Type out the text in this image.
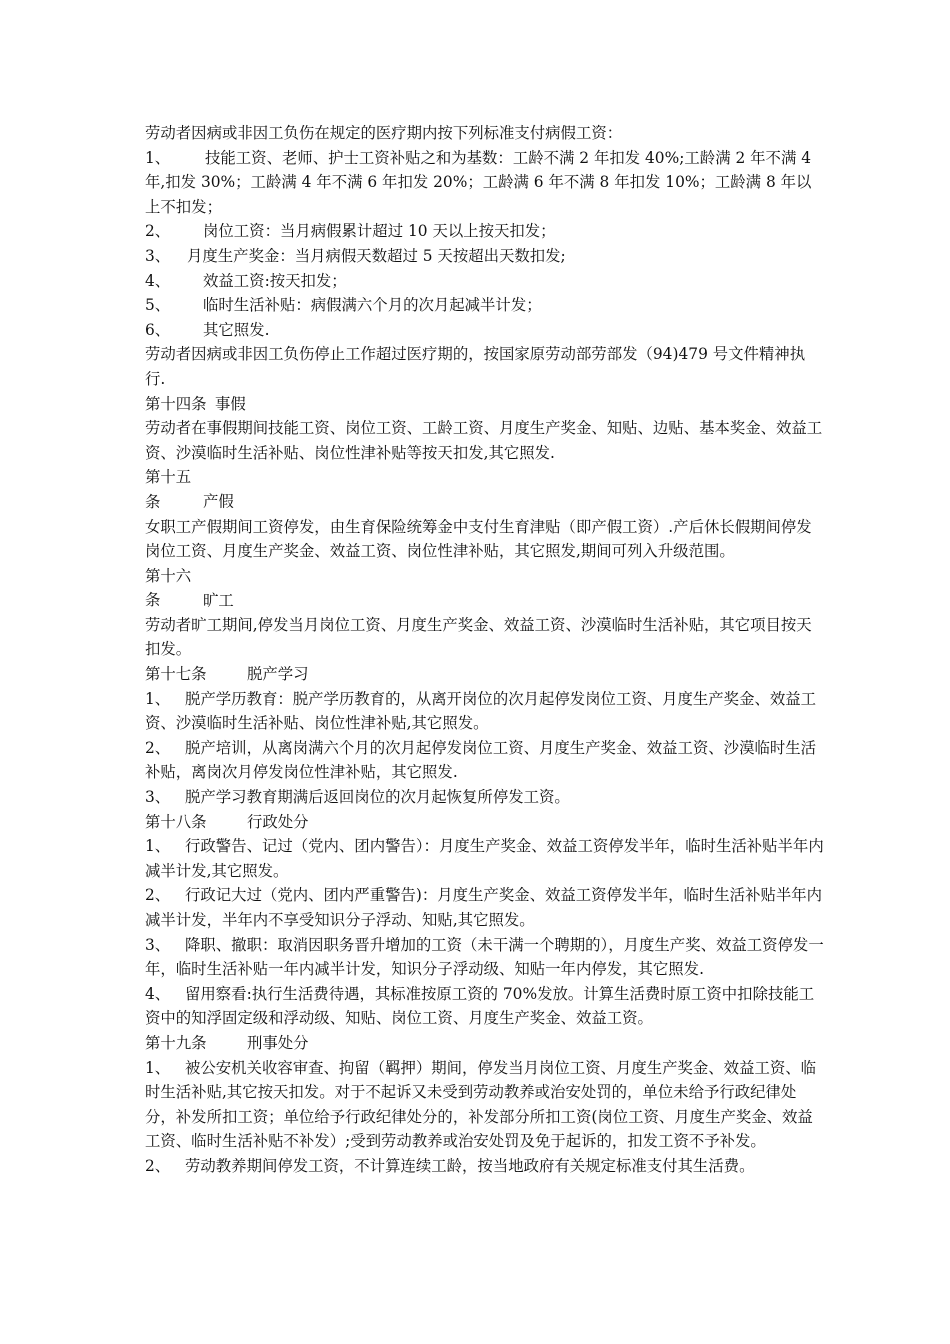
劳动者因病或非因工负伤在规定的医疗期内按下列标准支付病假工资：

1、 技能工资、老师、护士工资补贴之和为基数：工龄不满 2 年扣发 40%;工龄满 2 年不满 4 年,扣发 30%；工龄满 4 年不满 6 年扣发 20%；工龄满 6 年不满 8 年扣发 10%；工龄满 8 年以上不扣发；

2、 岗位工资：当月病假累计超过 10 天以上按天扣发；

3、 月度生产奖金：当月病假天数超过 5 天按超出天数扣发;

4、 效益工资:按天扣发；

5、 临时生活补贴：病假满六个月的次月起减半计发；

6、 其它照发.

劳动者因病或非因工负伤停止工作超过医疗期的，按国家原劳动部劳部发（94)479 号文件精神执行.

第十四条 事假

劳动者在事假期间技能工资、岗位工资、工龄工资、月度生产奖金、知贴、边贴、基本奖金、效益工资、沙漠临时生活补贴、岗位性津补贴等按天扣发,其它照发.

第十五条	产假

女职工产假期间工资停发，由生育保险统筹金中支付生育津贴（即产假工资）.产后休长假期间停发岗位工资、月度生产奖金、效益工资、岗位性津补贴，其它照发,期间可列入升级范围。

第十六条	旷工

劳动者旷工期间,停发当月岗位工资、月度生产奖金、效益工资、沙漠临时生活补贴，其它项目按天扣发。

第十七条	脱产学习

1、 脱产学历教育：脱产学历教育的，从离开岗位的次月起停发岗位工资、月度生产奖金、效益工资、沙漠临时生活补贴、岗位性津补贴,其它照发。

2、 脱产培训，从离岗满六个月的次月起停发岗位工资、月度生产奖金、效益工资、沙漠临时生活补贴，离岗次月停发岗位性津补贴，其它照发.

3、 脱产学习教育期满后返回岗位的次月起恢复所停发工资。

第十八条	行政处分

1、 行政警告、记过（党内、团内警告）：月度生产奖金、效益工资停发半年，临时生活补贴半年内减半计发,其它照发。

2、 行政记大过（党内、团内严重警告)：月度生产奖金、效益工资停发半年，临时生活补贴半年内减半计发，半年内不享受知识分子浮动、知贴,其它照发。

3、 降职、撤职：取消因职务晋升增加的工资（未干满一个聘期的），月度生产奖、效益工资停发一年，临时生活补贴一年内减半计发，知识分子浮动级、知贴一年内停发，其它照发.

4、 留用察看:执行生活费待遇，其标准按原工资的 70%发放。计算生活费时原工资中扣除技能工资中的知浮固定级和浮动级、知贴、岗位工资、月度生产奖金、效益工资。

第十九条	刑事处分

1、 被公安机关收容审查、拘留（羁押）期间，停发当月岗位工资、月度生产奖金、效益工资、临时生活补贴,其它按天扣发。对于不起诉又未受到劳动教养或治安处罚的，单位未给予行政纪律处分，补发所扣工资；单位给予行政纪律处分的，补发部分所扣工资(岗位工资、月度生产奖金、效益工资、临时生活补贴不补发）;受到劳动教养或治安处罚及免于起诉的，扣发工资不予补发。

2、 劳动教养期间停发工资，不计算连续工龄，按当地政府有关规定标准支付其生活费。
